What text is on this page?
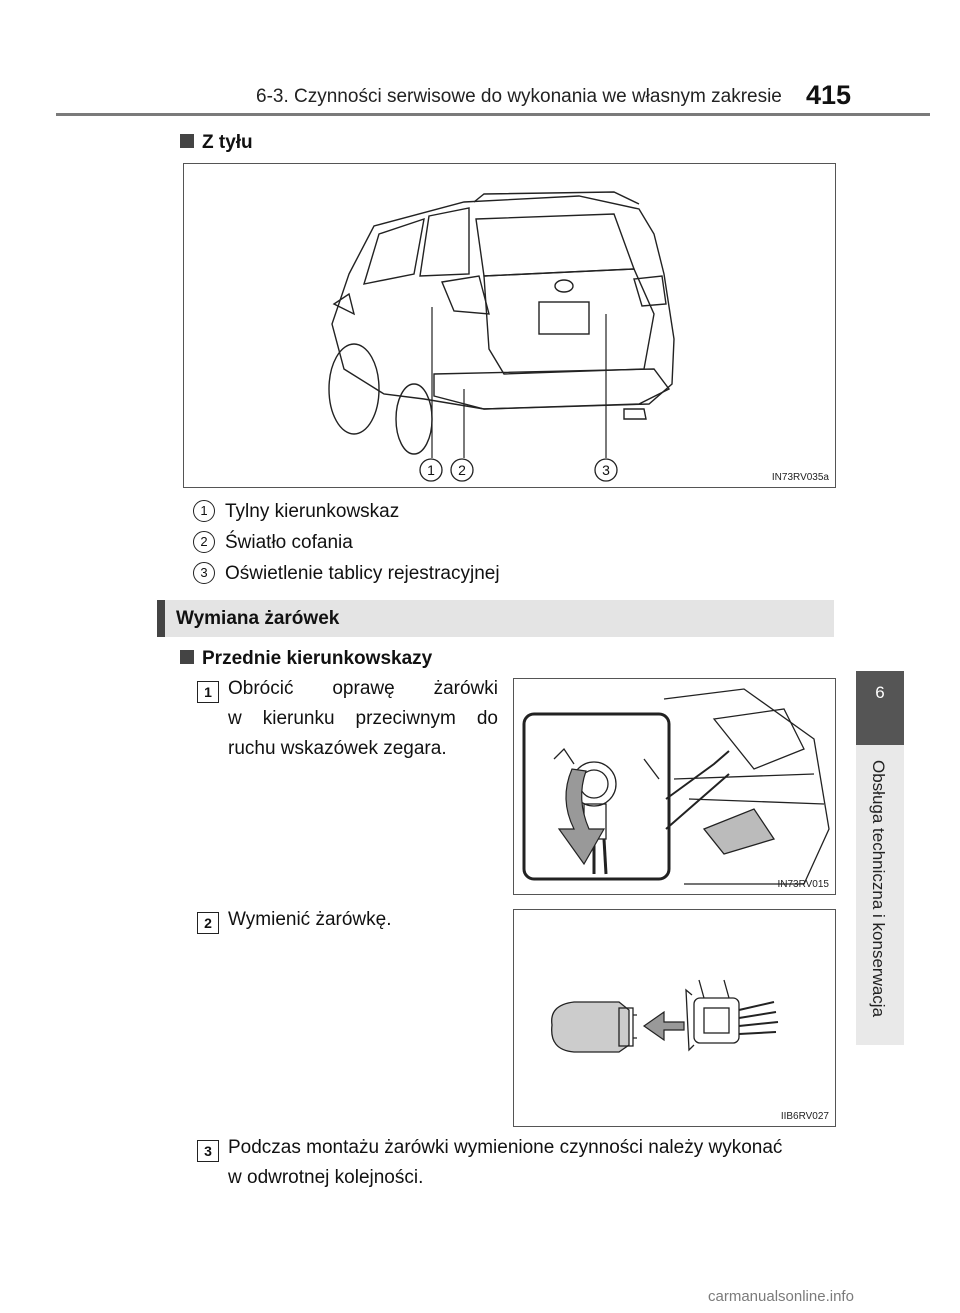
6-3. Czynności serwisowe do wykonania we własnym zakresie 415
6
Obsługa techniczna i konserwacja
Z tyłu
1 2	3	IN73RV035a
1 Tylny kierunkowskaz
2 Światło cofania
3 Oświetlenie tablicy rejestracyjnej
Wymiana żarówek
Przednie kierunkowskazy
1 Obrócić oprawę żarówki
w kierunku przeciwnym do
ruchu wskazówek zegara.
IN73RV015
2 Wymienić żarówkę.
IIB6RV027
3 Podczas montażu żarówki wymienione czynności należy wykonać
w odwrotnej kolejności.
carmanualsonline.info
